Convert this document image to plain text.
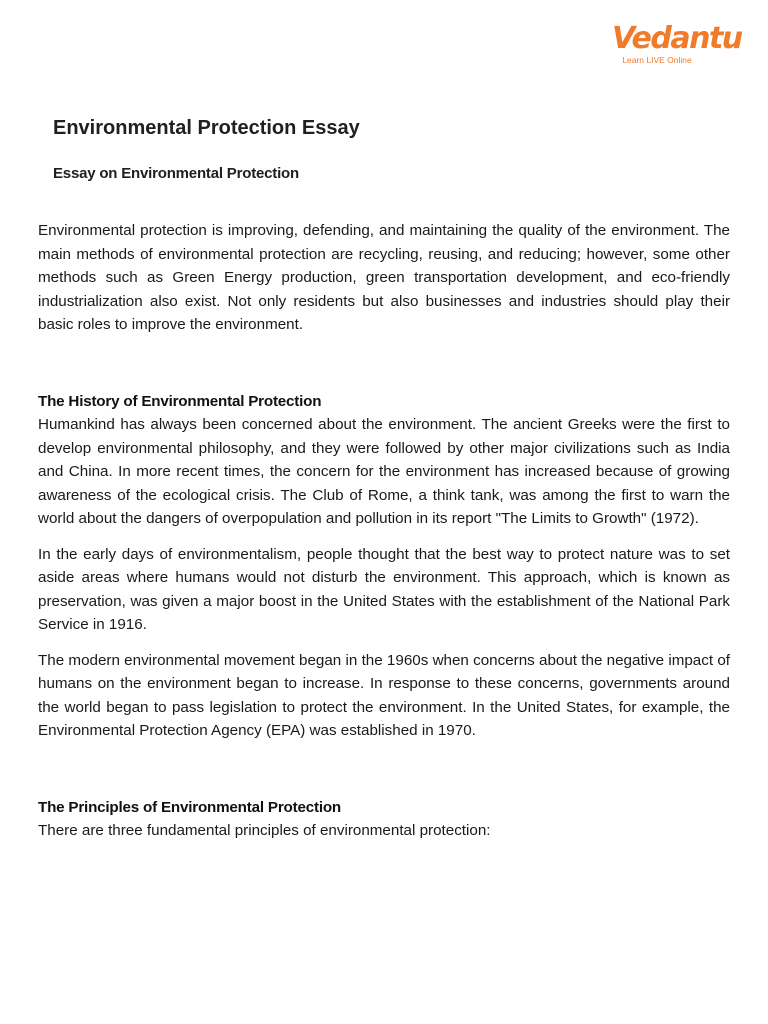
Vedantu
Learn LIVE Online
Environmental Protection Essay
Essay on Environmental Protection

Environmental protection is improving, defending, and maintaining the quality of the environment. The main methods of environmental protection are recycling, reusing, and reducing; however, some other methods such as Green Energy production, green transportation development, and eco-friendly industrialization also exist. Not only residents but also businesses and industries should play their basic roles to improve the environment.

The History of Environmental Protection

Humankind has always been concerned about the environment. The ancient Greeks were the first to develop environmental philosophy, and they were followed by other major civilizations such as India and China. In more recent times, the concern for the environment has increased because of growing awareness of the ecological crisis. The Club of Rome, a think tank, was among the first to warn the world about the dangers of overpopulation and pollution in its report "The Limits to Growth" (1972).

In the early days of environmentalism, people thought that the best way to protect nature was to set aside areas where humans would not disturb the environment. This approach, which is known as preservation, was given a major boost in the United States with the establishment of the National Park Service in 1916.

The modern environmental movement began in the 1960s when concerns about the negative impact of humans on the environment began to increase. In response to these concerns, governments around the world began to pass legislation to protect the environment. In the United States, for example, the Environmental Protection Agency (EPA) was established in 1970.

The Principles of Environmental Protection

There are three fundamental principles of environmental protection:
